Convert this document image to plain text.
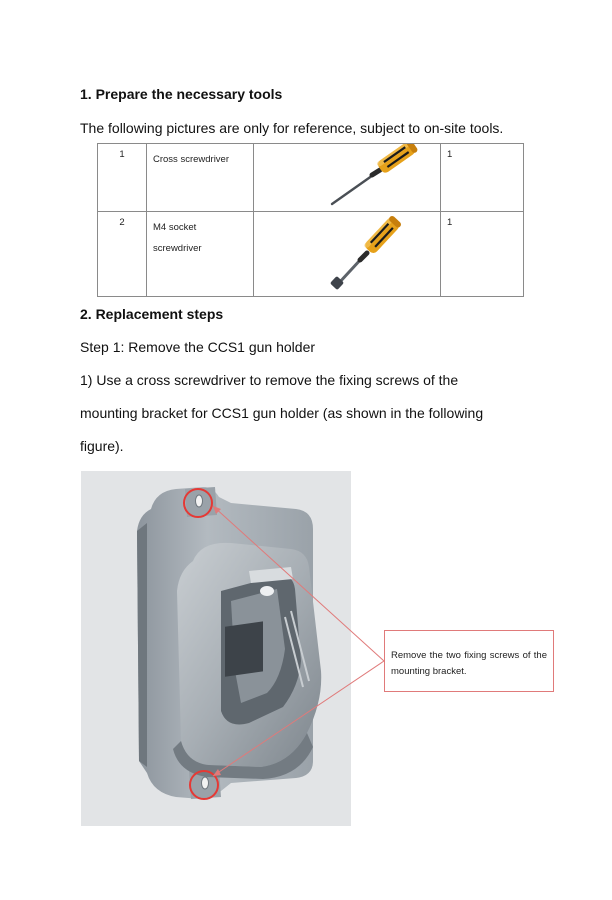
1. Prepare the necessary tools

The following pictures are only for reference, subject to on-site tools.

1	Cross screwdriver		1
2	M4 socket screwdriver		1
2. Replacement steps

Step 1: Remove the CCS1 gun holder

1) Use a cross screwdriver to remove the fixing screws of the

mounting bracket for CCS1 gun holder (as shown in the following

figure).

Remove the two fixing screws of the mounting bracket.
